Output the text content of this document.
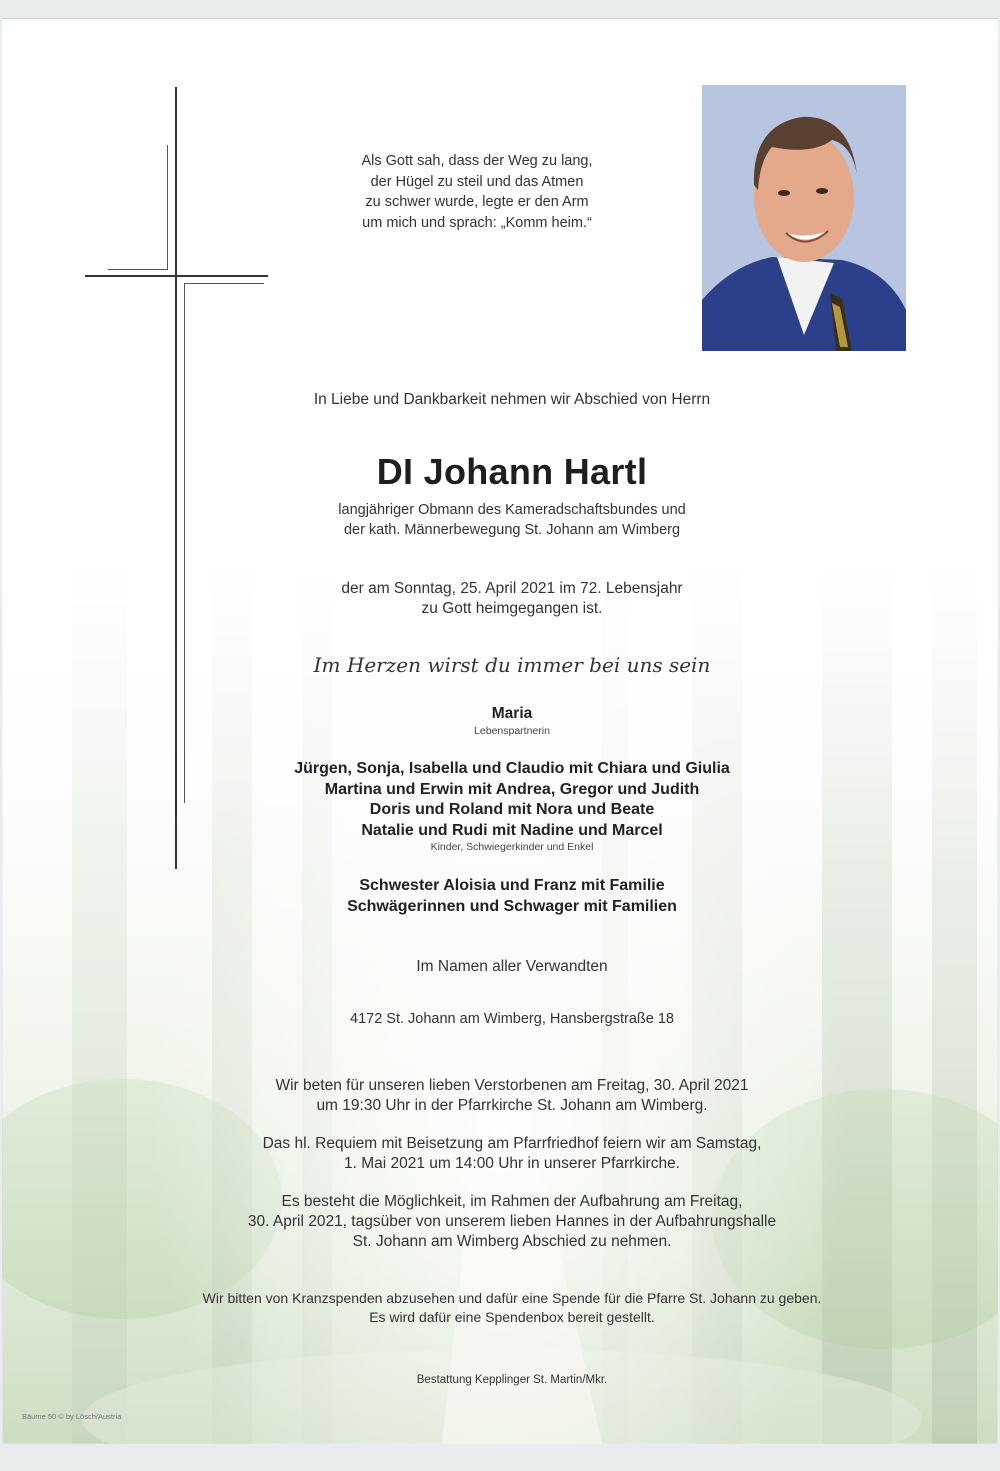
Als Gott sah, dass der Weg zu lang,
der Hügel zu steil und das Atmen
zu schwer wurde, legte er den Arm
um mich und sprach: „Komm heim.“
In Liebe und Dankbarkeit nehmen wir Abschied von Herrn
DI Johann Hartl
langjähriger Obmann des Kameradschaftsbundes und
der kath. Männerbewegung St. Johann am Wimberg
der am Sonntag, 25. April 2021 im 72. Lebensjahr
zu Gott heimgegangen ist.
Im Herzen wirst du immer bei uns sein
Maria
Lebenspartnerin
Jürgen, Sonja, Isabella und Claudio mit Chiara und Giulia
Martina und Erwin mit Andrea, Gregor und Judith
Doris und Roland mit Nora und Beate
Natalie und Rudi mit Nadine und Marcel
Kinder, Schwiegerkinder und Enkel
Schwester Aloisia und Franz mit Familie
Schwägerinnen und Schwager mit Familien
Im Namen aller Verwandten
4172 St. Johann am Wimberg, Hansbergstraße 18
Wir beten für unseren lieben Verstorbenen am Freitag, 30. April 2021
um 19:30 Uhr in der Pfarrkirche St. Johann am Wimberg.
Das hl. Requiem mit Beisetzung am Pfarrfriedhof feiern wir am Samstag,
1. Mai 2021 um 14:00 Uhr in unserer Pfarrkirche.
Es besteht die Möglichkeit, im Rahmen der Aufbahrung am Freitag,
30. April 2021, tagsüber von unserem lieben Hannes in der Aufbahrungshalle
St. Johann am Wimberg Abschied zu nehmen.
Wir bitten von Kranzspenden abzusehen und dafür eine Spende für die Pfarre St. Johann zu geben.
Es wird dafür eine Spendenbox bereit gestellt.
Bestattung Kepplinger St. Martin/Mkr.
Bäume 50 © by Lösch/Austria
